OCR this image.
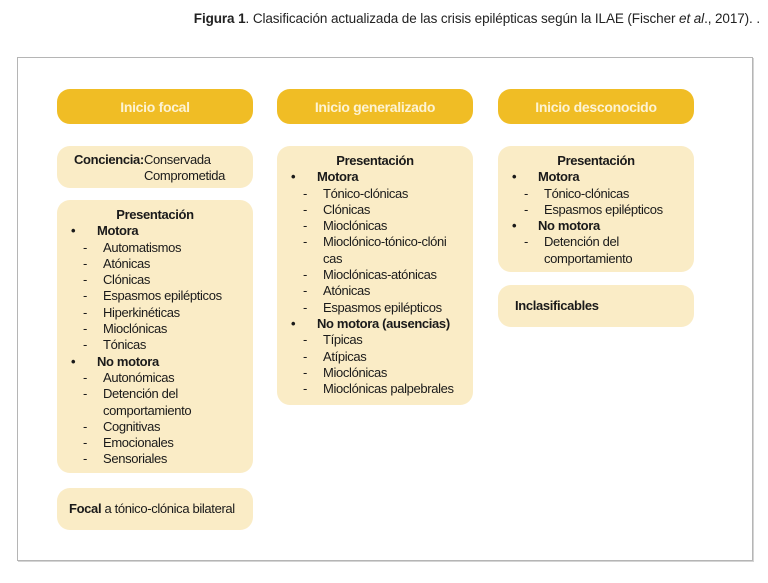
Figura 1. Clasificación actualizada de las crisis epilépticas según la ILAE (Fischer et al., 2017). .
Inicio focal
Conciencia: Conservada
Comprometida
Presentación
•	Motora
-	Automatismos
-	Atónicas
-	Clónicas
-	Espasmos epilépticos
-	Hiperkinéticas
-	Mioclónicas
-	Tónicas
•	No motora
-	Autonómicas
-	Detención del comportamiento
-	Cognitivas
-	Emocionales
-	Sensoriales
Focal a tónico-clónica bilateral
Inicio generalizado
Presentación
•	Motora
-	Tónico-clónicas
-	Clónicas
-	Mioclónicas
-	Mioclónico-tónico-clónicas
-	Mioclónicas-atónicas
-	Atónicas
-	Espasmos epilépticos
•	No motora (ausencias)
-	Típicas
-	Atípicas
-	Mioclónicas
-	Mioclónicas palpebrales
Inicio desconocido
Presentación
•	Motora
-	Tónico-clónicas
-	Espasmos epilépticos
•	No motora
-	Detención del comportamiento
Inclasificables
